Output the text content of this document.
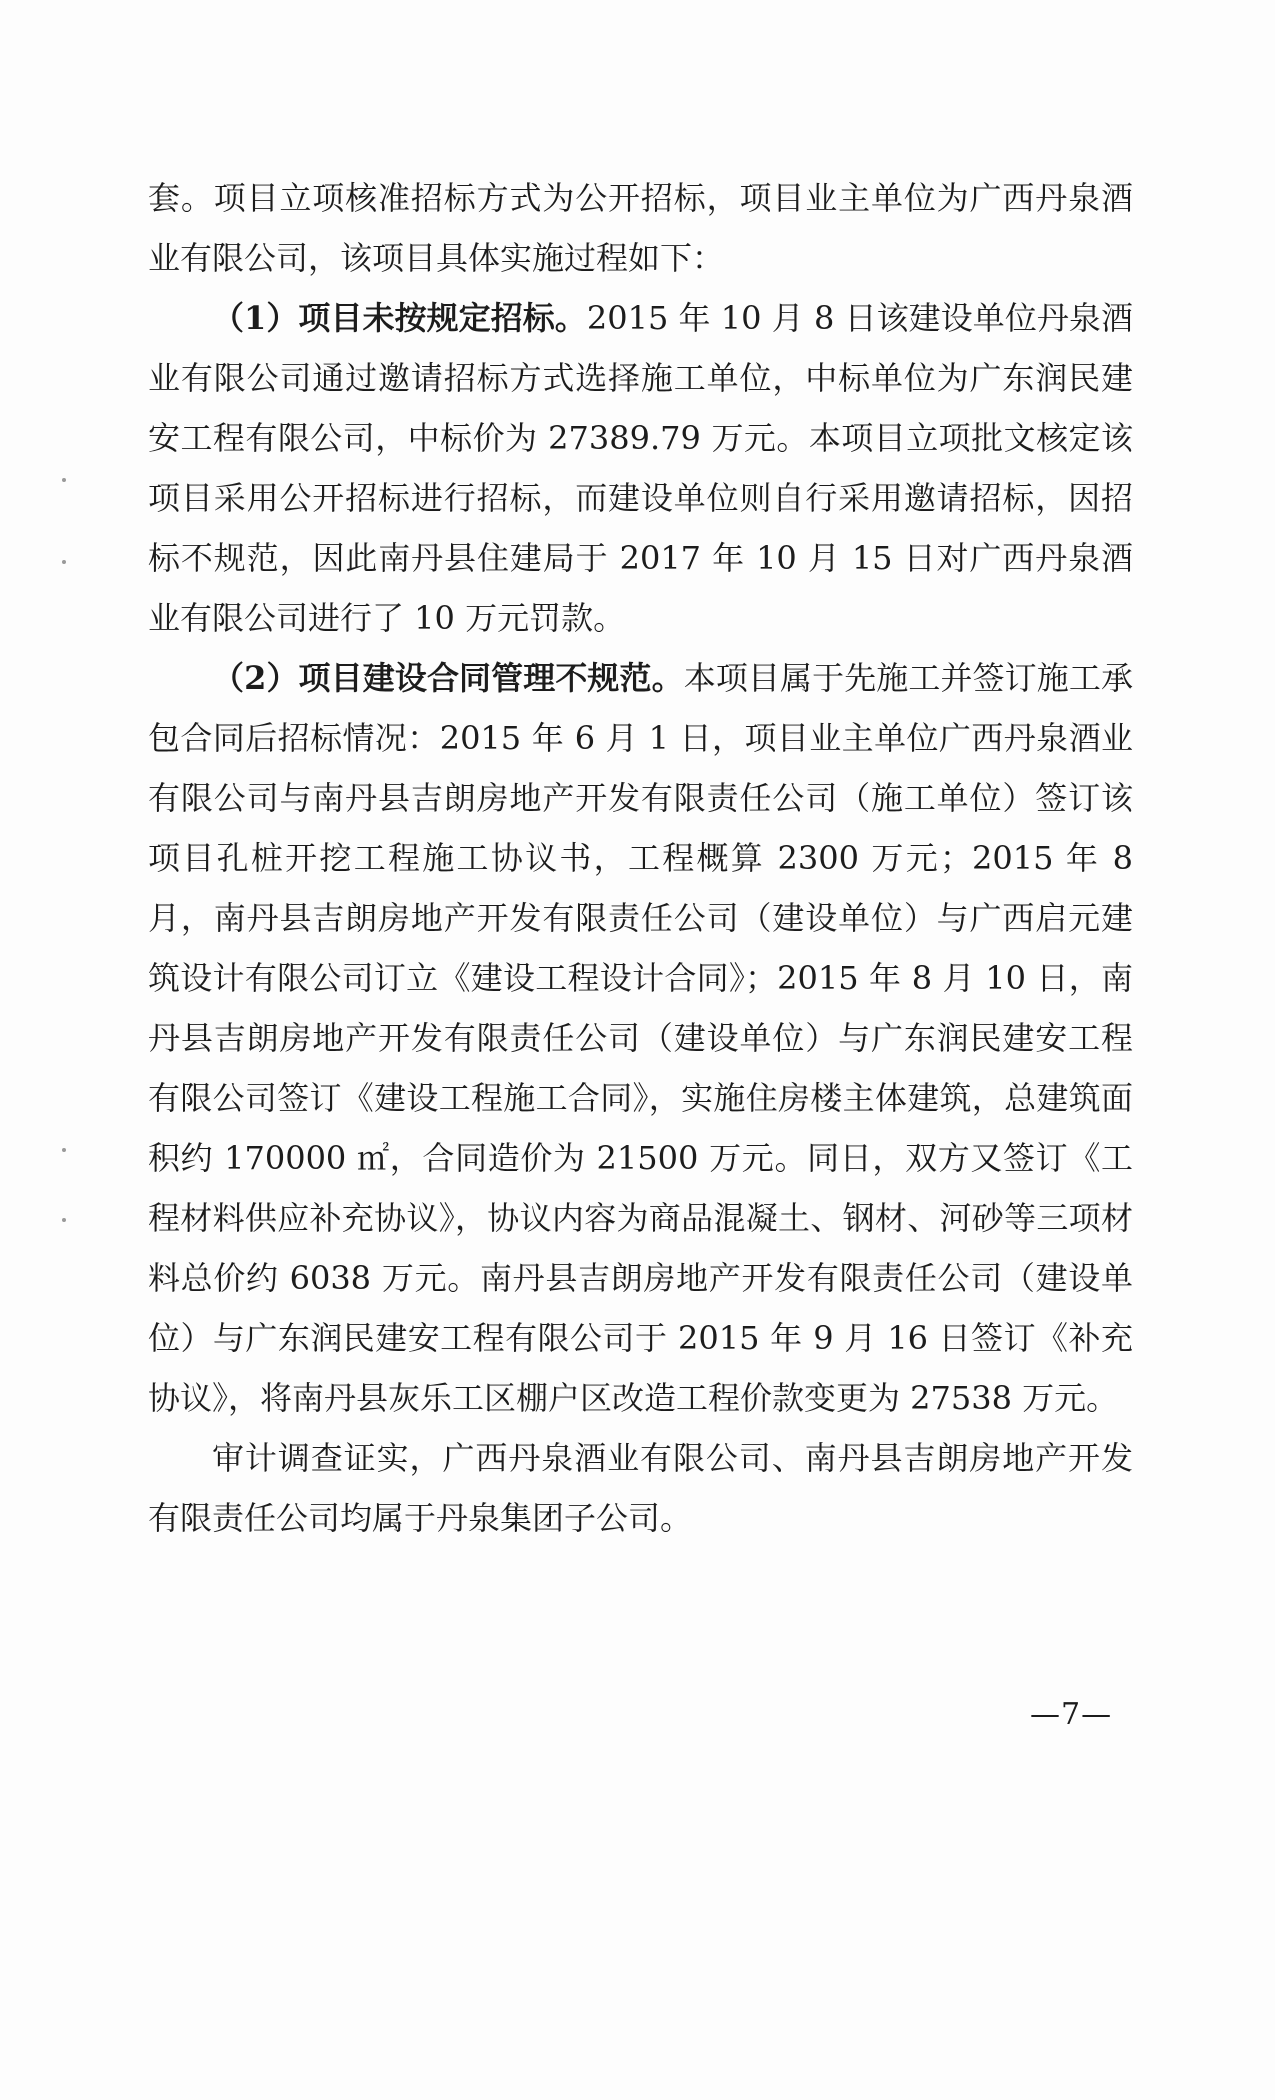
套。项目立项核准招标方式为公开招标，项目业主单位为广西丹泉酒业有限公司，该项目具体实施过程如下：

（1）项目未按规定招标。2015 年 10 月 8 日该建设单位丹泉酒业有限公司通过邀请招标方式选择施工单位，中标单位为广东润民建安工程有限公司，中标价为 27389.79 万元。本项目立项批文核定该项目采用公开招标进行招标，而建设单位则自行采用邀请招标，因招标不规范，因此南丹县住建局于 2017 年 10 月 15 日对广西丹泉酒业有限公司进行了 10 万元罚款。

（2）项目建设合同管理不规范。本项目属于先施工并签订施工承包合同后招标情况：2015 年 6 月 1 日，项目业主单位广西丹泉酒业有限公司与南丹县吉朗房地产开发有限责任公司（施工单位）签订该项目孔桩开挖工程施工协议书，工程概算 2300 万元；2015 年 8 月，南丹县吉朗房地产开发有限责任公司（建设单位）与广西启元建筑设计有限公司订立《建设工程设计合同》；2015 年 8 月 10 日，南丹县吉朗房地产开发有限责任公司（建设单位）与广东润民建安工程有限公司签订《建设工程施工合同》，实施住房楼主体建筑，总建筑面积约 170000 ㎡，合同造价为 21500 万元。同日，双方又签订《工程材料供应补充协议》，协议内容为商品混凝土、钢材、河砂等三项材料总价约 6038 万元。南丹县吉朗房地产开发有限责任公司（建设单位）与广东润民建安工程有限公司于 2015 年 9 月 16 日签订《补充协议》，将南丹县灰乐工区棚户区改造工程价款变更为 27538 万元。

审计调查证实，广西丹泉酒业有限公司、南丹县吉朗房地产开发有限责任公司均属于丹泉集团子公司。

—7—
